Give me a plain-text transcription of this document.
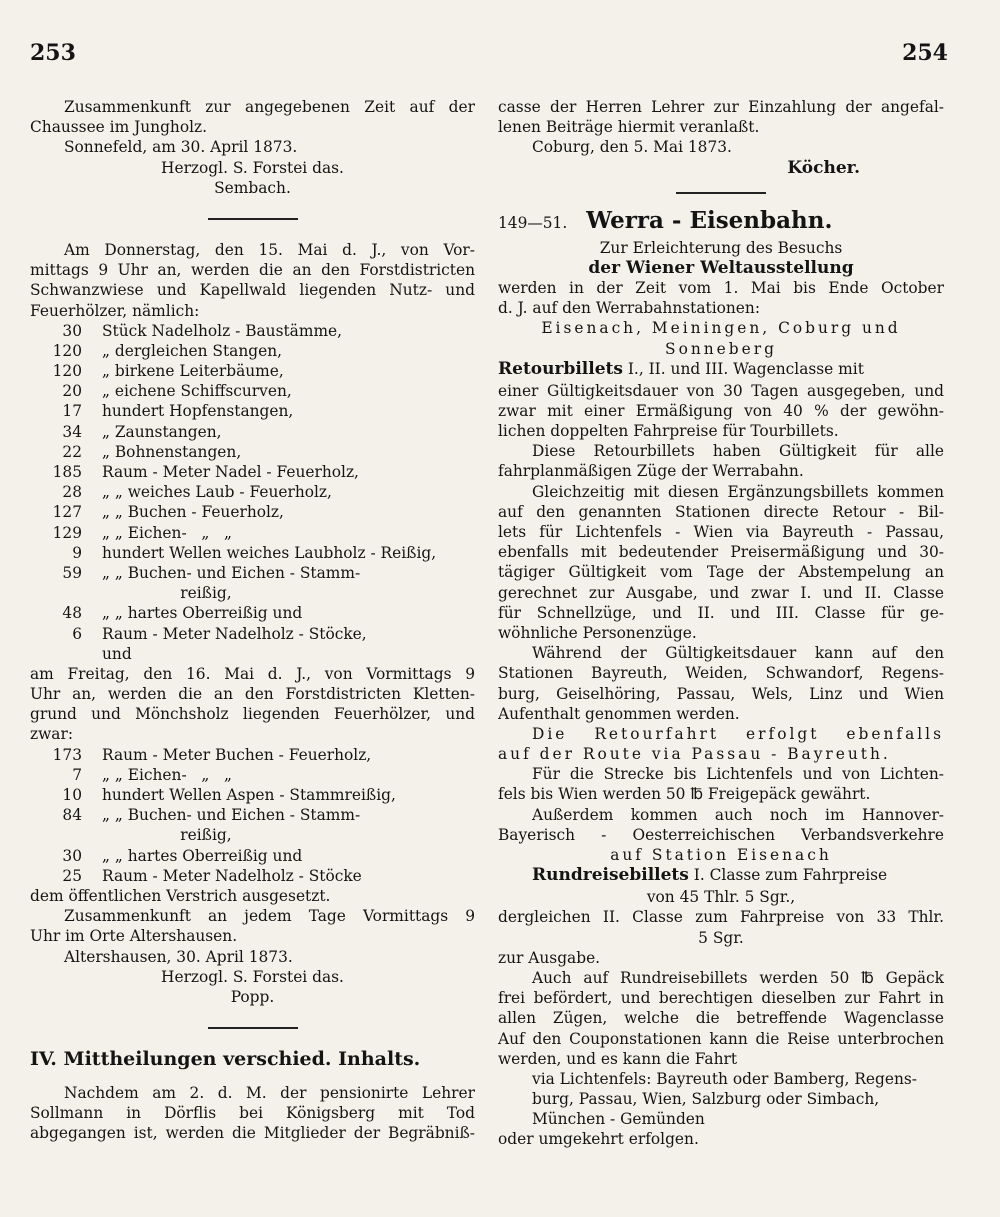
253	254
Zusammenkunft zur angegebenen Zeit auf der
Chaussee im Jungholz.
Sonnefeld, am 30. April 1873.
Herzogl. S. Forstei das.
Sembach.
Am Donnerstag, den 15. Mai d. J., von Vor-
mittags 9 Uhr an, werden die an den Forstdistricten
Schwanzwiese und Kapellwald liegenden Nutz- und
Feuerhölzer, nämlich:
30 Stück Nadelholz - Baustämme,
120 „ dergleichen Stangen,
120 „ birkene Leiterbäume,
20 „ eichene Schiffscurven,
17 hundert Hopfenstangen,
34 „ Zaunstangen,
22 „ Bohnenstangen,
185 Raum - Meter Nadel - Feuerholz,
28 „ „ weiches Laub - Feuerholz,
127 „ „ Buchen - Feuerholz,
129 „ „ Eichen-   „   „
9 hundert Wellen weiches Laubholz - Reißig,
59 „ „ Buchen- und Eichen - Stamm-
reißig,
48 „ „ hartes Oberreißig und
6 Raum - Meter Nadelholz - Stöcke,
und
am Freitag, den 16. Mai d. J., von Vormittags 9
Uhr an, werden die an den Forstdistricten Kletten-
grund und Mönchsholz liegenden Feuerhölzer, und
zwar:
173 Raum - Meter Buchen - Feuerholz,
7 „ „ Eichen-   „   „
10 hundert Wellen Aspen - Stammreißig,
84 „ „ Buchen- und Eichen - Stamm-
reißig,
30 „ „ hartes Oberreißig und
25 Raum - Meter Nadelholz - Stöcke
dem öffentlichen Verstrich ausgesetzt.
Zusammenkunft an jedem Tage Vormittags 9
Uhr im Orte Altershausen.
Altershausen, 30. April 1873.
Herzogl. S. Forstei das.
Popp.
IV. Mittheilungen verschied. Inhalts.
Nachdem am 2. d. M. der pensionirte Lehrer
Sollmann in Dörflis bei Königsberg mit Tod
abgegangen ist, werden die Mitglieder der Begräbniß-
casse der Herren Lehrer zur Einzahlung der angefal-
lenen Beiträge hiermit veranlaßt.
Coburg, den 5. Mai 1873.
Köcher.
149—51. Werra - Eisenbahn.
Zur Erleichterung des Besuchs
der Wiener Weltausstellung
werden in der Zeit vom 1. Mai bis Ende October
d. J. auf den Werrabahnstationen:
Eisenach, Meiningen, Coburg und
Sonneberg
Retourbillets I., II. und III. Wagenclasse mit
einer Gültigkeitsdauer von 30 Tagen ausgegeben, und
zwar mit einer Ermäßigung von 40 % der gewöhn-
lichen doppelten Fahrpreise für Tourbillets.
Diese Retourbillets haben Gültigkeit für alle
fahrplanmäßigen Züge der Werrabahn.
Gleichzeitig mit diesen Ergänzungsbillets kommen
auf den genannten Stationen directe Retour - Bil-
lets für Lichtenfels - Wien via Bayreuth - Passau,
ebenfalls mit bedeutender Preisermäßigung und 30-
tägiger Gültigkeit vom Tage der Abstempelung an
gerechnet zur Ausgabe, und zwar I. und II. Classe
für Schnellzüge, und II. und III. Classe für ge-
wöhnliche Personenzüge.
Während der Gültigkeitsdauer kann auf den
Stationen Bayreuth, Weiden, Schwandorf, Regens-
burg, Geiselhöring, Passau, Wels, Linz und Wien
Aufenthalt genommen werden.
Die Retourfahrt erfolgt ebenfalls
auf der Route via Passau - Bayreuth.
Für die Strecke bis Lichtenfels und von Lichten-
fels bis Wien werden 50 ℔ Freigepäck gewährt.
Außerdem kommen auch noch im Hannover-
Bayerisch - Oesterreichischen Verbandsverkehre
auf Station Eisenach
Rundreisebillets I. Classe zum Fahrpreise
von 45 Thlr. 5 Sgr.,
dergleichen II. Classe zum Fahrpreise von 33 Thlr.
5 Sgr.
zur Ausgabe.
Auch auf Rundreisebillets werden 50 ℔ Gepäck
frei befördert, und berechtigen dieselben zur Fahrt in
allen Zügen, welche die betreffende Wagenclasse
Auf den Couponstationen kann die Reise unterbrochen
werden, und es kann die Fahrt
via Lichtenfels: Bayreuth oder Bamberg, Regens-
burg, Passau, Wien, Salzburg oder Simbach,
München - Gemünden
oder umgekehrt erfolgen.
